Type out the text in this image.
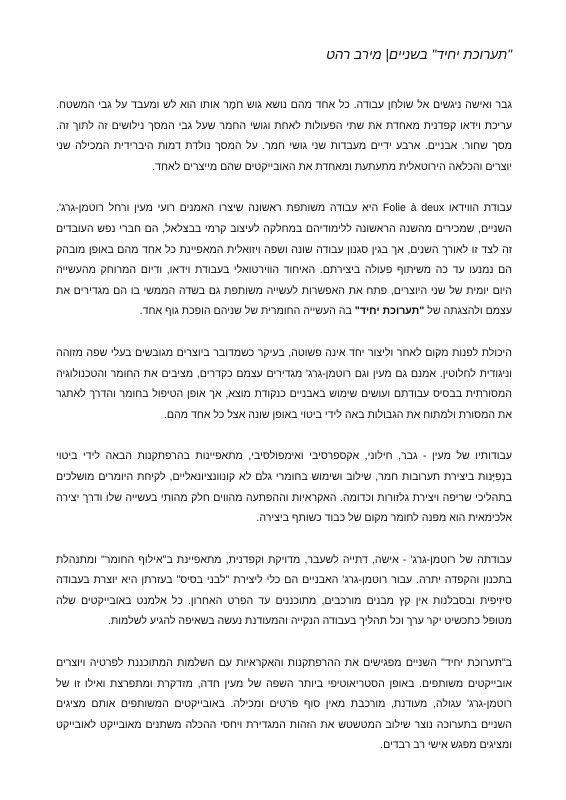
"תערוכת יחיד" בשניים| מירב רהט

גבר ואישה ניגשים אל שולחן עבודה. כל אחד מהם נושא גוש חֹמֶר אותו הוא לש ומעבד על גבי המשטח. עריכת וידאו קפדנית מאחדת את שתי הפעולות לאחת וגושי החמר שעל גבי המסך נילושים זה לתוך זה. מסך שחור. אבניים. ארבע ידיים מעבדות שני גושי חמר. על המסך נולדת דמות היברידית המכילה שני יוצרים והכלאה הירוטאלית מתעתעת ומאחדת את האובייקטים שהם מייצרים לאחד.

עבודת הווידאו Folie à deux היא עבודה משותפת ראשונה שיצרו האמנים רועי מעין ורחל רוטמן-גרג'. השניים, שמכירים מהשנה הראשונה ללימודיהם במחלקה לעיצוב קרמי בבצלאל, הם חברי נפש העובדים זה לצד זו לאורך השנים, אך בגין סגנון עבודה שונה ושפה ויזואלית המאפיינת כל אחד מהם באופן מובהק הם נמנעו עד כה משיתוף פעולה ביצירתם. האיחוד הווירטואלי בעבודת וידאו, ודיום המרוחק מהעשייה היום יומית של שני היוצרים, פתח את האפשרות לעשייה משותפת גם בשדה הממשי בו הם מגדירים את עצמם ולהצגתה של "תערוכת יחיד" בה העשייה החומרית של שניהם הופכת גוף אחד.

היכולת לפנות מקום לאחר וליצור יחד אינה פשוטה, בעיקר כשמדובר ביוצרים מגובשים בעלי שפה מזוהה וניגודית לחלוטין. אמנם גם מעין וגם רוטמן-גרג' מגדירים עצמם כקדרים, מציבים את החומר והטכנולוגיה המסורתית בבסיס עבודתם ועושים שימוש באבניים כנקודת מוצא, אך אופן הטיפול בחומר והדרך לאתגר את המסורת ולמתוח את הגבולות באה לידי ביטוי באופן שונה אצל כל אחד מהם.

עבודותיו של מעין - גבר, חילוני, אקספרסיבי ואימפולסיבי, מתאפיינות בהרפתקנות הבאה לידי ביטוי בנְפִיָּנות ביצירת תערובות חמר, שילוב ושימוש בחומרי גלם לא קונוונציונאליים, לקיחת היומרים מושלכים בתהליכי שריפה ויצירת גלזורות וכדומה. האקראיות וההפתעה מהווים חלק מהותי בעשייה שלו ודרך יצירה אלכימאית הוא מפנה לחומר מקום של כבוד כשותף ביצירה.

עבודתה של רוטמן-גרג' - אישה, דתייה לשעבר, מדויקת וקפדנית, מתאפיינת ב"אילוף החומר" ומתנהלת בתכנון והקפדה יתרה. עבור רוטמן-גרג' האבניים הם כלי ליצירת "לבני בסיס" בעזרתן היא יוצרת בעבודה סיזיפית ובסבלנות אין קץ מבנים מורכבים, מתוכננים עד הפרט האחרון. כל אלמנט באובייקטים שלה מטופל כתכשיט יקר ערך וכל תהליך בעבודה הנקייה והמעודנת נעשה בשאיפה להגיע לשלמות.

ב"תערוכת יחיד" השניים מפגישים את ההרפתקנות והאקראיות עם השלמות המתוכננת לפרטיה ויוצרים אובייקטים משותפים. באופן הסטריאוטיפי ביותר השפה של מעין חדה, מזדקרת ומתפרצת ואילו זו של רוטמן-גרג' עגולה, מעודנת, מורכבת מאין סוף פרטים ומכילה. באובייקטים המשותפים אותם מציגים השניים בתערוכה נוצר שילוב המטשטש את הזהות המגדירת ויחסי ההכלה משתנים מאובייקט לאובייקט ומציגים מפגש אישי רב רבדים.
